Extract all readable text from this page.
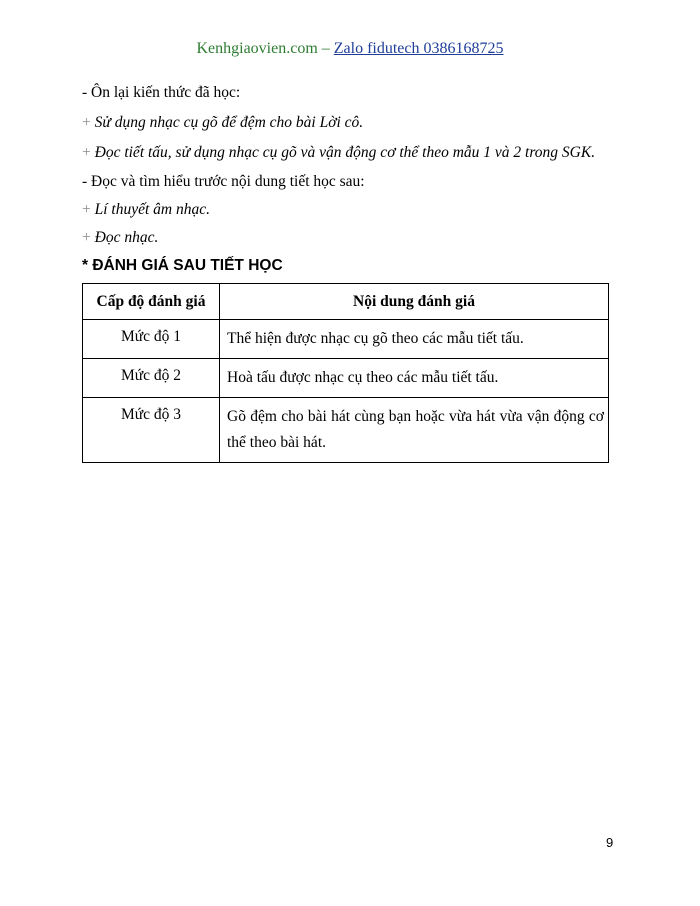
Kenhgiaovien.com – Zalo fidutech 0386168725
- Ôn lại kiến thức đã học:
+ Sử dụng nhạc cụ gõ để đệm cho bài Lời cô.
+ Đọc tiết tấu, sử dụng nhạc cụ gõ và vận động cơ thể theo mẫu 1 và 2 trong SGK.
- Đọc và tìm hiểu trước nội dung tiết học sau:
+ Lí thuyết âm nhạc.
+ Đọc nhạc.
* ĐÁNH GIÁ SAU TIẾT HỌC
Cấp độ đánh giá	Nội dung đánh giá
Mức độ 1	Thể hiện được nhạc cụ gõ theo các mẫu tiết tấu.
Mức độ 2	Hoà tấu được nhạc cụ theo các mẫu tiết tấu.
Mức độ 3	Gõ đệm cho bài hát cùng bạn hoặc vừa hát vừa vận động cơ thể theo bài hát.
9
